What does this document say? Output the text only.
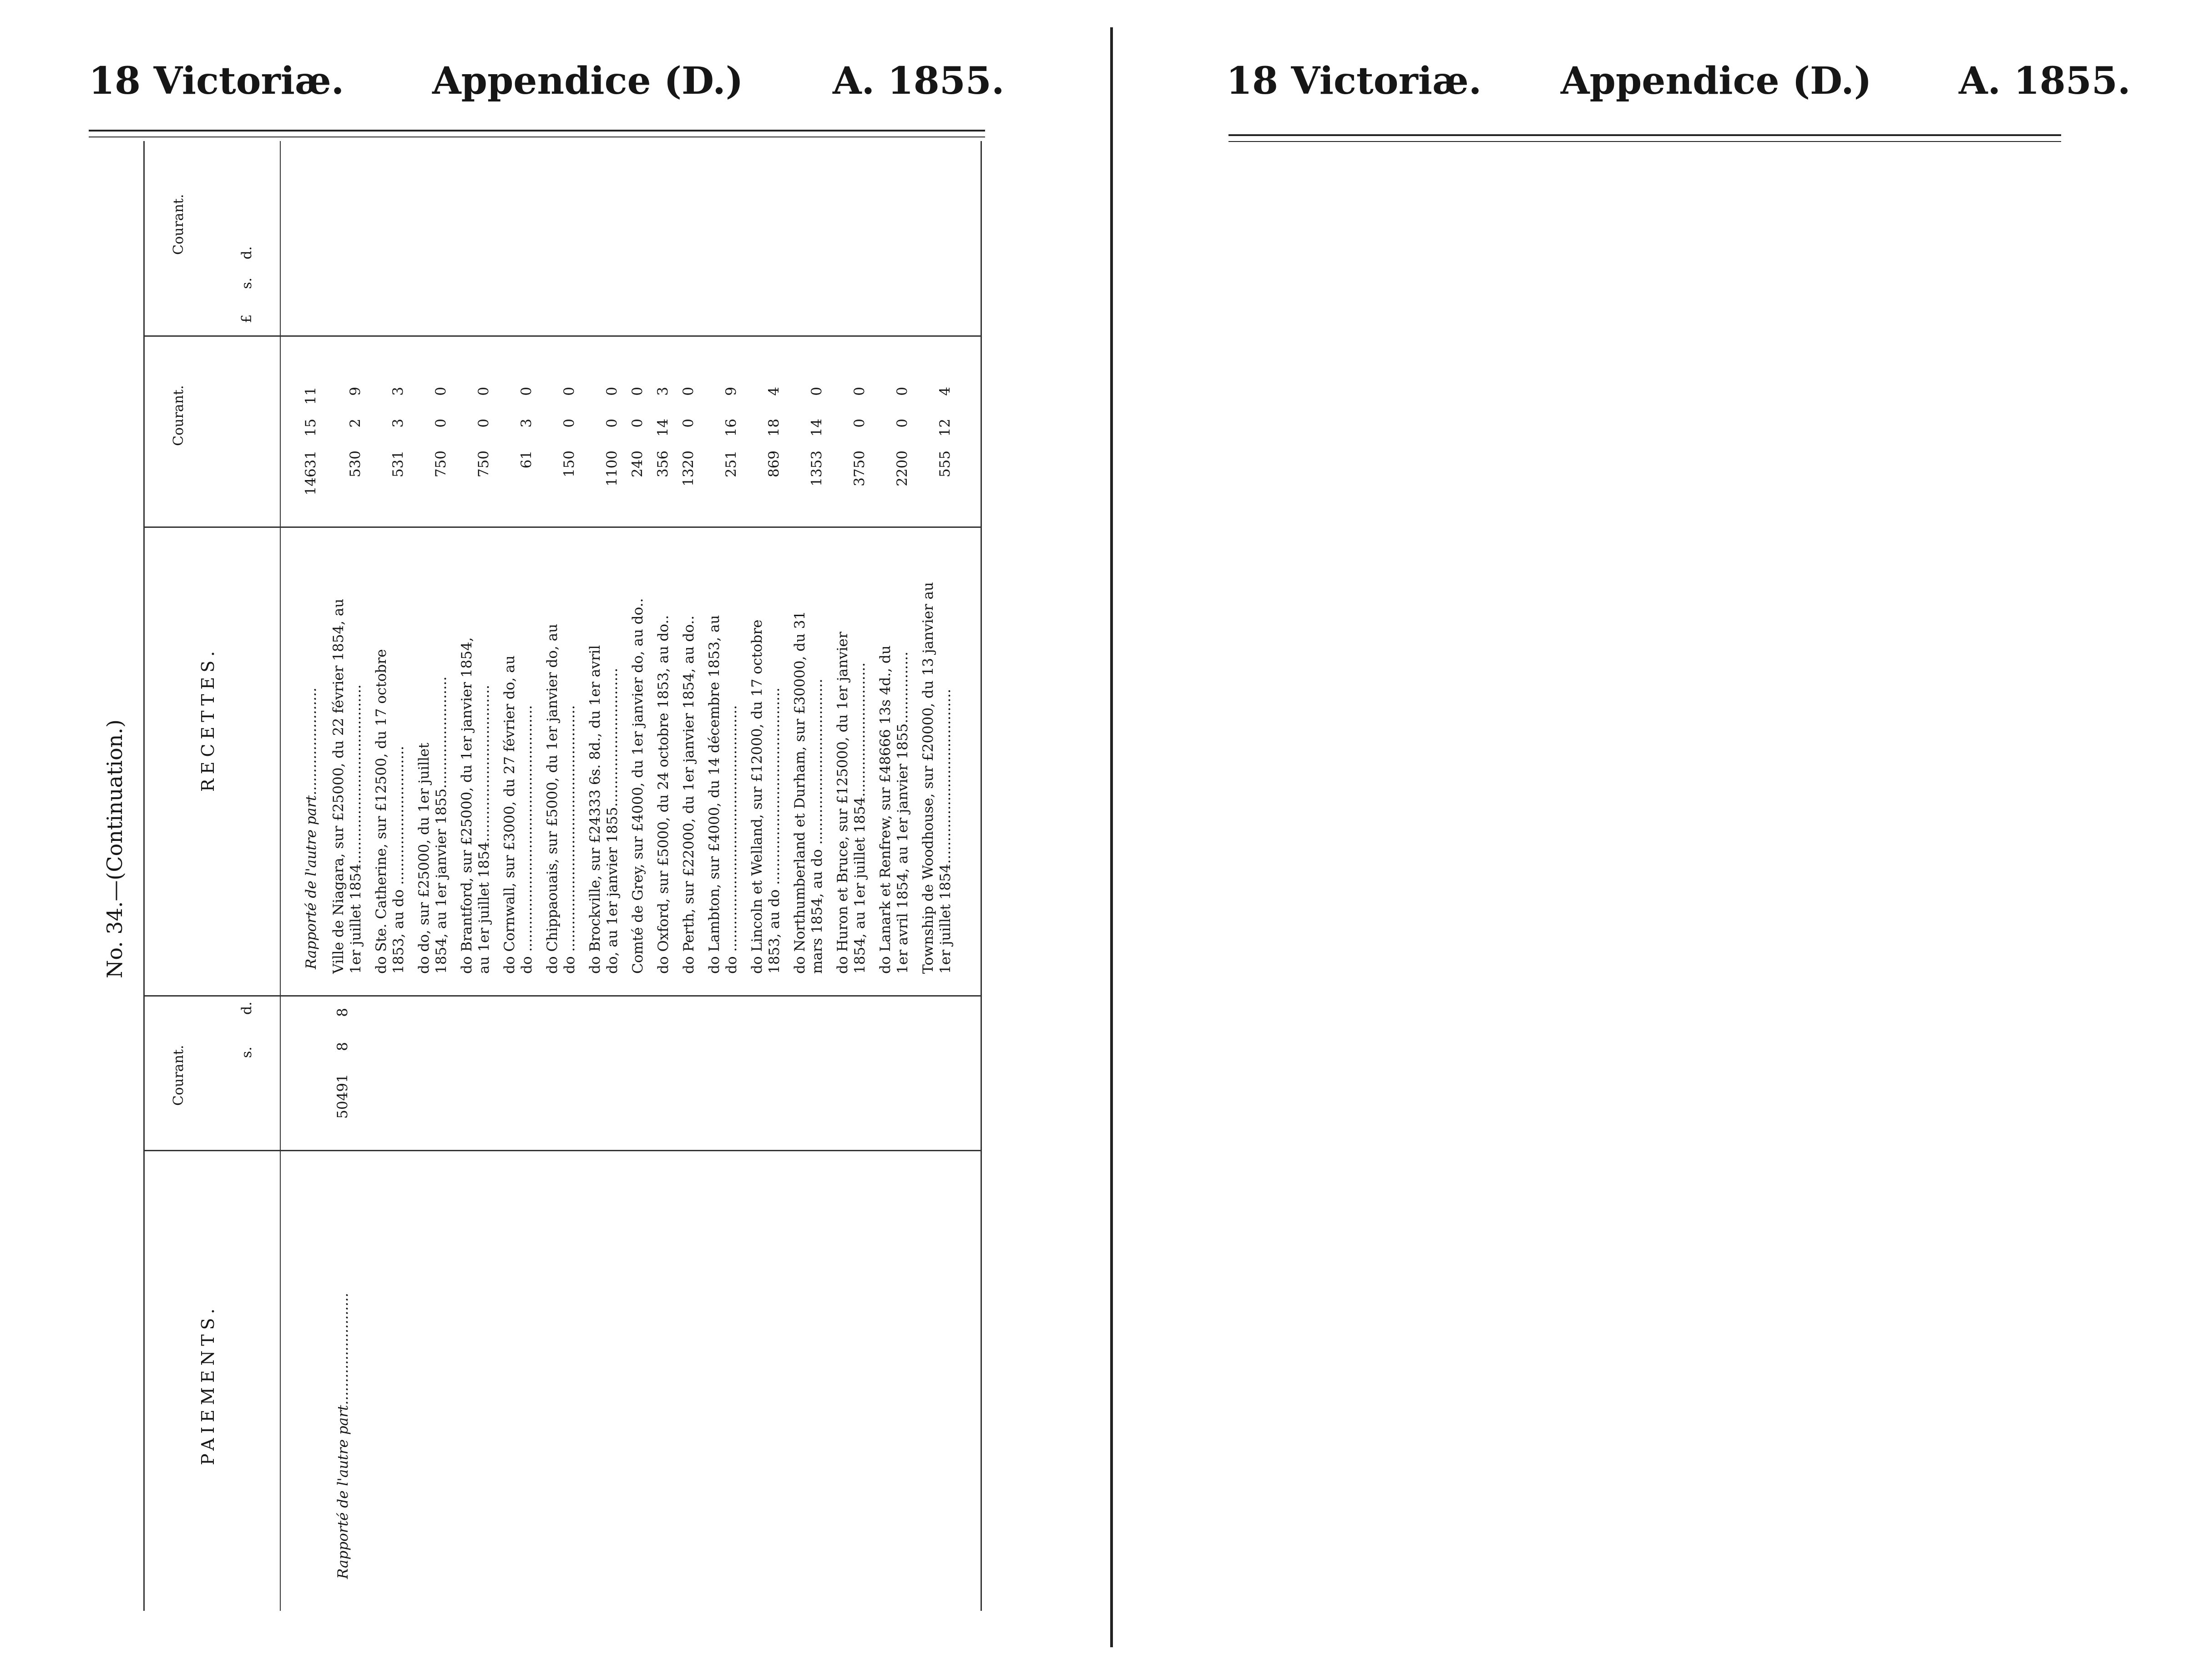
18 Victoriæ. Appendice (D.) A. 1855.
No. 34.—(Continuation.)
PAIEMENTS.
Courant.	s.
d.
Rapporté de l'autre part.........................
50491
8
8
RECETTES.
Courant.
Courant.
£
s.
d.
Rapporté de l'autre part........................
14631
15
11
Ville de Niagara, sur £25000, du 22 février 1854, au 1er juillet 1854........................................
530
2
9
do Ste. Catherine, sur £12500, du 17 octobre 1853, au do ...............................
531
3
3
do do, sur £25000, du 1er juillet 1854, au 1er janvier 1855.........................
750
0
0
do Brantford, sur £25000, du 1er janvier 1854, au 1er juillet 1854...................................
750
0
0
do Cornwall, sur £3000, du 27 février do, au do .......................................................
61
3
0
do Chippaouais, sur £5000, du 1er janvier do, au do .......................................................
150
0
0
do Brockville, sur £24333 6s. 8d., du 1er avril do, au 1er janvier 1855...............................
1100
0
0
Comté de Grey, sur £4000, du 1er janvier do, au do..
240
0
0
do Oxford, sur £5000, du 24 octobre 1853, au do..
356
14
3
do Perth, sur £22000, du 1er janvier 1854, au do..
1320
0
0
do Lambton, sur £4000, du 14 décembre 1853, au do .......................................................
251
16
9
do Lincoln et Welland, sur £12000, du 17 octobre 1853, au do ............................................
869
18
4
do Northumberland et Durham, sur £30000, du 31 mars 1854, au do .....................................
1353
14
0
do Huron et Bruce, sur £125000, du 1er janvier 1854, au 1er juillet 1854..............................
3750
0
0
do Lanark et Renfrew, sur £48666 13s 4d., du 1er avril 1854, au 1er janvier 1855................
2200
0
0
Township de Woodhouse, sur £20000, du 13 janvier au 1er juillet 1854.......................................
555
12
4
18 Victoriæ. Appendice (D.) A. 1855.
